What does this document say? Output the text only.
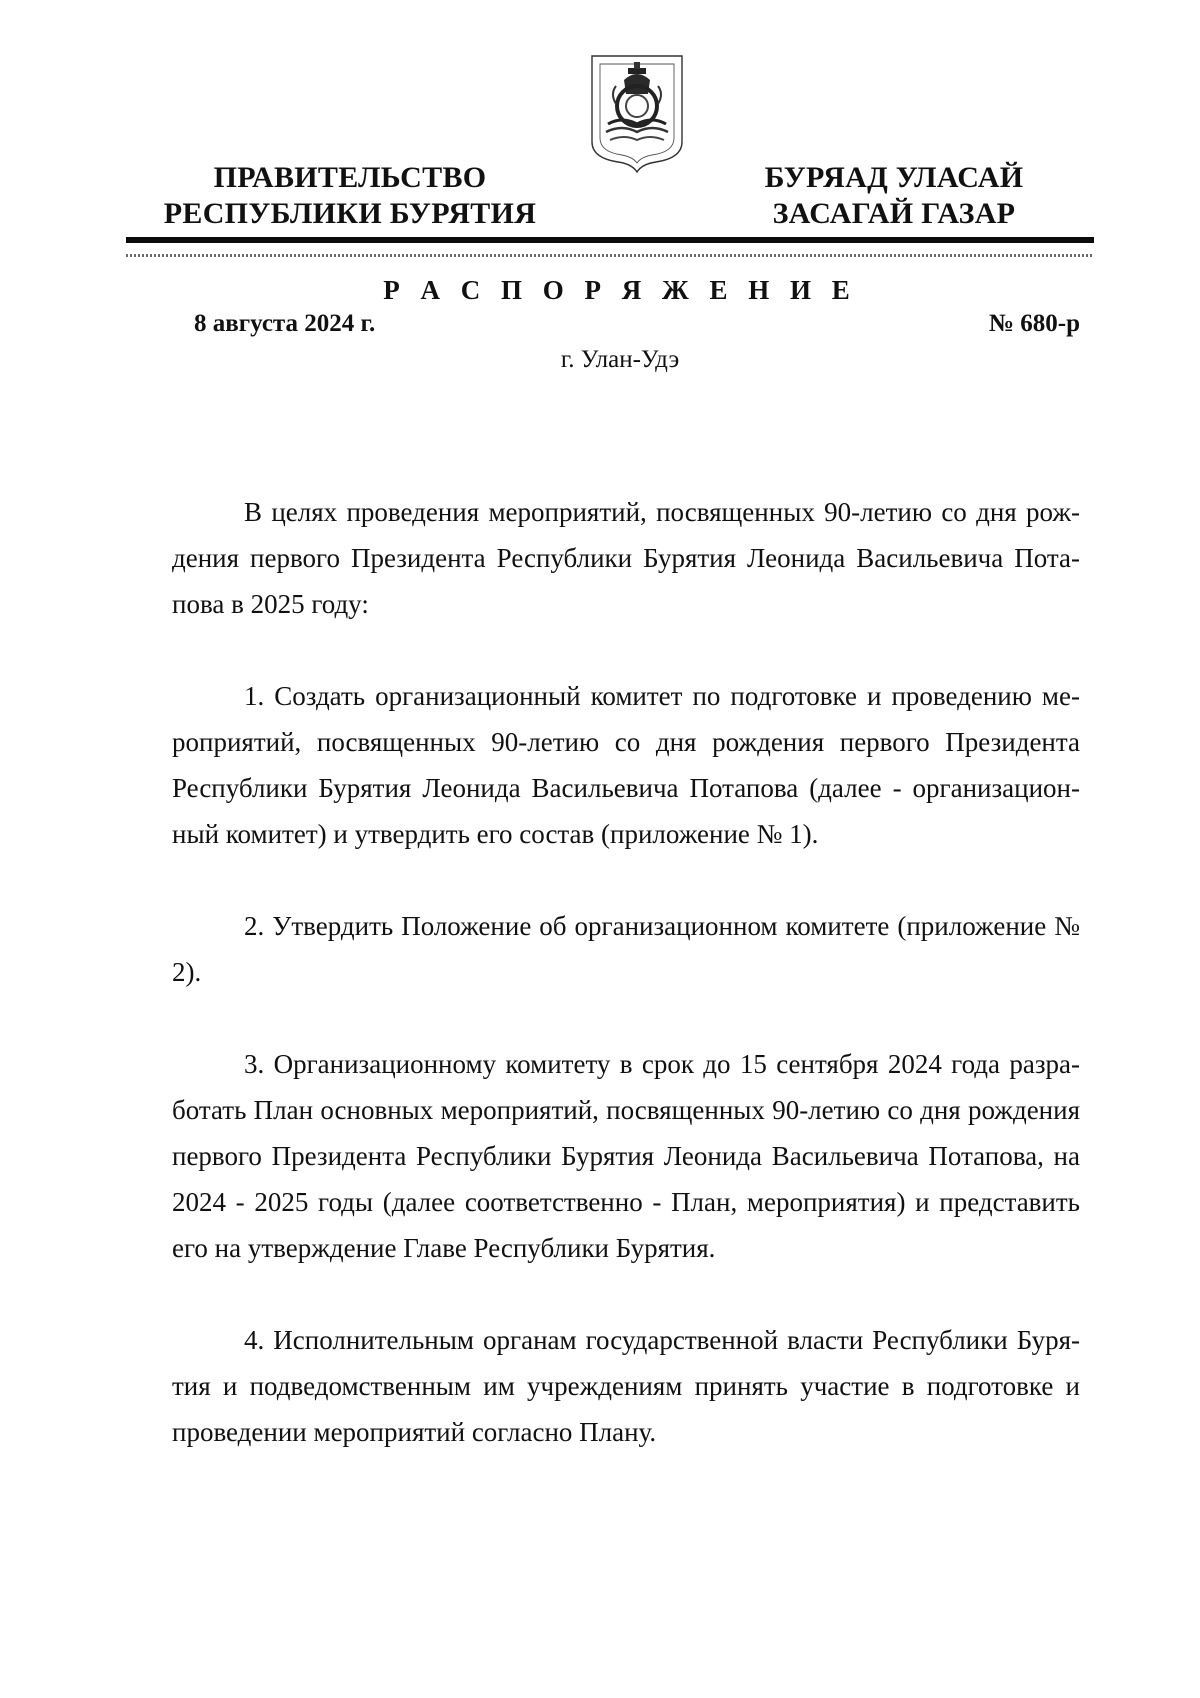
ПРАВИТЕЛЬСТВО
РЕСПУБЛИКИ БУРЯТИЯ
БУРЯАД УЛАСАЙ
ЗАСАГАЙ ГАЗАР
Р А С П О Р Я Ж Е Н И Е
8 августа 2024 г.	№ 680-р
г. Улан-Удэ

В целях проведения мероприятий, посвященных 90-летию со дня рождения первого Президента Республики Бурятия Леонида Васильевича Потапова в 2025 году:

1. Создать организационный комитет по подготовке и проведению мероприятий, посвященных 90-летию со дня рождения первого Президента Республики Бурятия Леонида Васильевича Потапова (далее - организационный комитет) и утвердить его состав (приложение № 1).

2. Утвердить Положение об организационном комитете (приложение № 2).

3. Организационному комитету в срок до 15 сентября 2024 года разработать План основных мероприятий, посвященных 90-летию со дня рождения первого Президента Республики Бурятия Леонида Васильевича Потапова, на 2024 - 2025 годы (далее соответственно - План, мероприятия) и представить его на утверждение Главе Республики Бурятия.

4. Исполнительным органам государственной власти Республики Бурятия и подведомственным им учреждениям принять участие в подготовке и проведении мероприятий согласно Плану.
